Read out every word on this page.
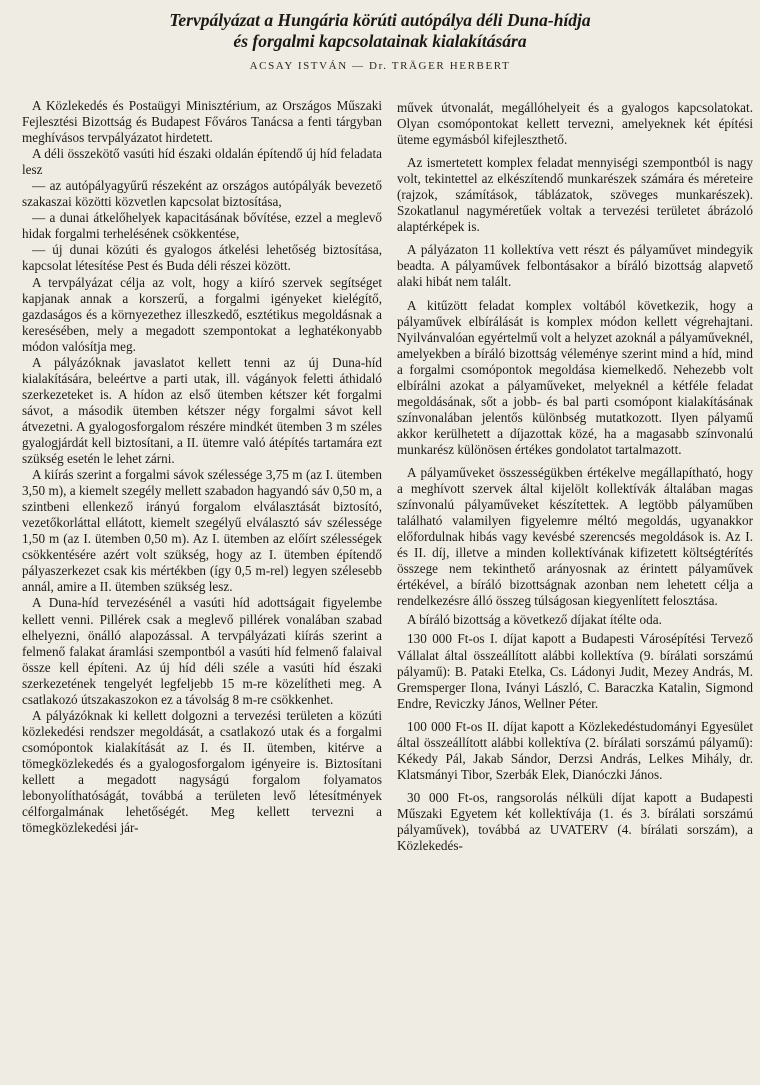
Tervpályázat a Hungária körúti autópálya déli Duna-hídja
és forgalmi kapcsolatainak kialakítására
ACSAY ISTVÁN — Dr. TRÄGER HERBERT

A Közlekedés és Postaügyi Minisztérium, az Országos Műszaki Fejlesztési Bizottság és Budapest Főváros Tanácsa a fenti tárgyban meghívásos tervpályázatot hirdetett.

A déli összekötő vasúti híd északi oldalán építendő új híd feladata lesz

— az autópályagyűrű részeként az országos autópályák bevezető szakaszai közötti közvetlen kapcsolat biztosítása,

— a dunai átkelőhelyek kapacitásának bővítése, ezzel a meglevő hidak forgalmi terhelésének csökkentése,

— új dunai közúti és gyalogos átkelési lehetőség biztosítása, kapcsolat létesítése Pest és Buda déli részei között.

A tervpályázat célja az volt, hogy a kiíró szervek segítséget kapjanak annak a korszerű, a forgalmi igényeket kielégítő, gazdaságos és a környezethez illeszkedő, esztétikus megoldásnak a keresésében, mely a megadott szempontokat a leghatékonyabb módon valósítja meg.

A pályázóknak javaslatot kellett tenni az új Duna-híd kialakítására, beleértve a parti utak, ill. vágányok feletti áthidaló szerkezeteket is. A hídon az első ütemben kétszer két forgalmi sávot, a második ütemben kétszer négy forgalmi sávot kell átvezetni. A gyalogosforgalom részére mindkét ütemben 3 m széles gyalogjárdát kell biztosítani, a II. ütemre való átépítés tartamára ezt szükség esetén le lehet zárni.

A kiírás szerint a forgalmi sávok szélessége 3,75 m (az I. ütemben 3,50 m), a kiemelt szegély mellett szabadon hagyandó sáv 0,50 m, a szintbeni ellenkező irányú forgalom elválasztását biztosító, vezetőkorláttal ellátott, kiemelt szegélyű elválasztó sáv szélessége 1,50 m (az I. ütemben 0,50 m). Az I. ütemben az előírt szélességek csökkentésére azért volt szükség, hogy az I. ütemben építendő pályaszerkezet csak kis mértékben (így 0,5 m-rel) legyen szélesebb annál, amire a II. ütemben szükség lesz.

A Duna-híd tervezésénél a vasúti híd adottságait figyelembe kellett venni. Pillérek csak a meglevő pillérek vonalában szabad elhelyezni, önálló alapozással. A tervpályázati kiírás szerint a felmenő falakat áramlási szempontból a vasúti híd felmenő falaival össze kell építeni. Az új híd déli széle a vasúti híd északi szerkezetének tengelyét legfeljebb 15 m-re közelítheti meg. A csatlakozó útszakaszokon ez a távolság 8 m-re csökkenhet.

A pályázóknak ki kellett dolgozni a tervezési területen a közúti közlekedési rendszer megoldását, a csatlakozó utak és a forgalmi csomópontok kialakítását az I. és II. ütemben, kitérve a tömegközlekedés és a gyalogosforgalom igényeire is. Biztosítani kellett a megadott nagyságú forgalom folyamatos lebonyolíthatóságát, továbbá a területen levő létesítmények célforgalmának lehetőségét. Meg kellett tervezni a tömegközlekedési jár-

művek útvonalát, megállóhelyeit és a gyalogos kapcsolatokat. Olyan csomópontokat kellett tervezni, amelyeknek két építési üteme egymásból kifejleszthető.

Az ismertetett komplex feladat mennyiségi szempontból is nagy volt, tekintettel az elkészítendő munkarészek számára és méreteire (rajzok, számítások, táblázatok, szöveges munkarészek). Szokatlanul nagyméretűek voltak a tervezési területet ábrázoló alaptérképek is.

A pályázaton 11 kollektíva vett részt és pályaművet mindegyik beadta. A pályaművek felbontásakor a bíráló bizottság alapvető alaki hibát nem talált.

A kitűzött feladat komplex voltából következik, hogy a pályaművek elbírálását is komplex módon kellett végrehajtani. Nyilvánvalóan egyértelmű volt a helyzet azoknál a pályaműveknél, amelyekben a bíráló bizottság véleménye szerint mind a híd, mind a forgalmi csomópontok megoldása kiemelkedő. Nehezebb volt elbírálni azokat a pályaműveket, melyeknél a kétféle feladat megoldásának, sőt a jobb- és bal parti csomópont kialakításának színvonalában jelentős különbség mutatkozott. Ilyen pályamű akkor kerülhetett a díjazottak közé, ha a magasabb színvonalú munkarész különösen értékes gondolatot tartalmazott.

A pályaműveket összességükben értékelve megállapítható, hogy a meghívott szervek által kijelölt kollektívák általában magas színvonalú pályaműveket készítettek. A legtöbb pályaműben található valamilyen figyelemre méltó megoldás, ugyanakkor előfordulnak hibás vagy kevésbé szerencsés megoldások is. Az I. és II. díj, illetve a minden kollektívának kifizetett költségtérítés összege nem tekinthető arányosnak az érintett pályaművek értékével, a bíráló bizottságnak azonban nem lehetett célja a rendelkezésre álló összeg túlságosan kiegyenlített felosztása.

A bíráló bizottság a következő díjakat ítélte oda.

130 000 Ft-os I. díjat kapott a Budapesti Városépítési Tervező Vállalat által összeállított alábbi kollektíva (9. bírálati sorszámú pályamű): B. Pataki Etelka, Cs. Ládonyi Judit, Mezey András, M. Gremsperger Ilona, Iványi László, C. Baraczka Katalin, Sigmond Endre, Reviczky János, Wellner Péter.

100 000 Ft-os II. díjat kapott a Közlekedéstudományi Egyesület által összeállított alábbi kollektíva (2. bírálati sorszámú pályamű): Kékedy Pál, Jakab Sándor, Derzsi András, Lelkes Mihály, dr. Klatsmányi Tibor, Szerbák Elek, Dianóczki János.

30 000 Ft-os, rangsorolás nélküli díjat kapott a Budapesti Műszaki Egyetem két kollektívája (1. és 3. bírálati sorszámú pályaművek), továbbá az UVATERV (4. bírálati sorszám), a Közlekedés-
